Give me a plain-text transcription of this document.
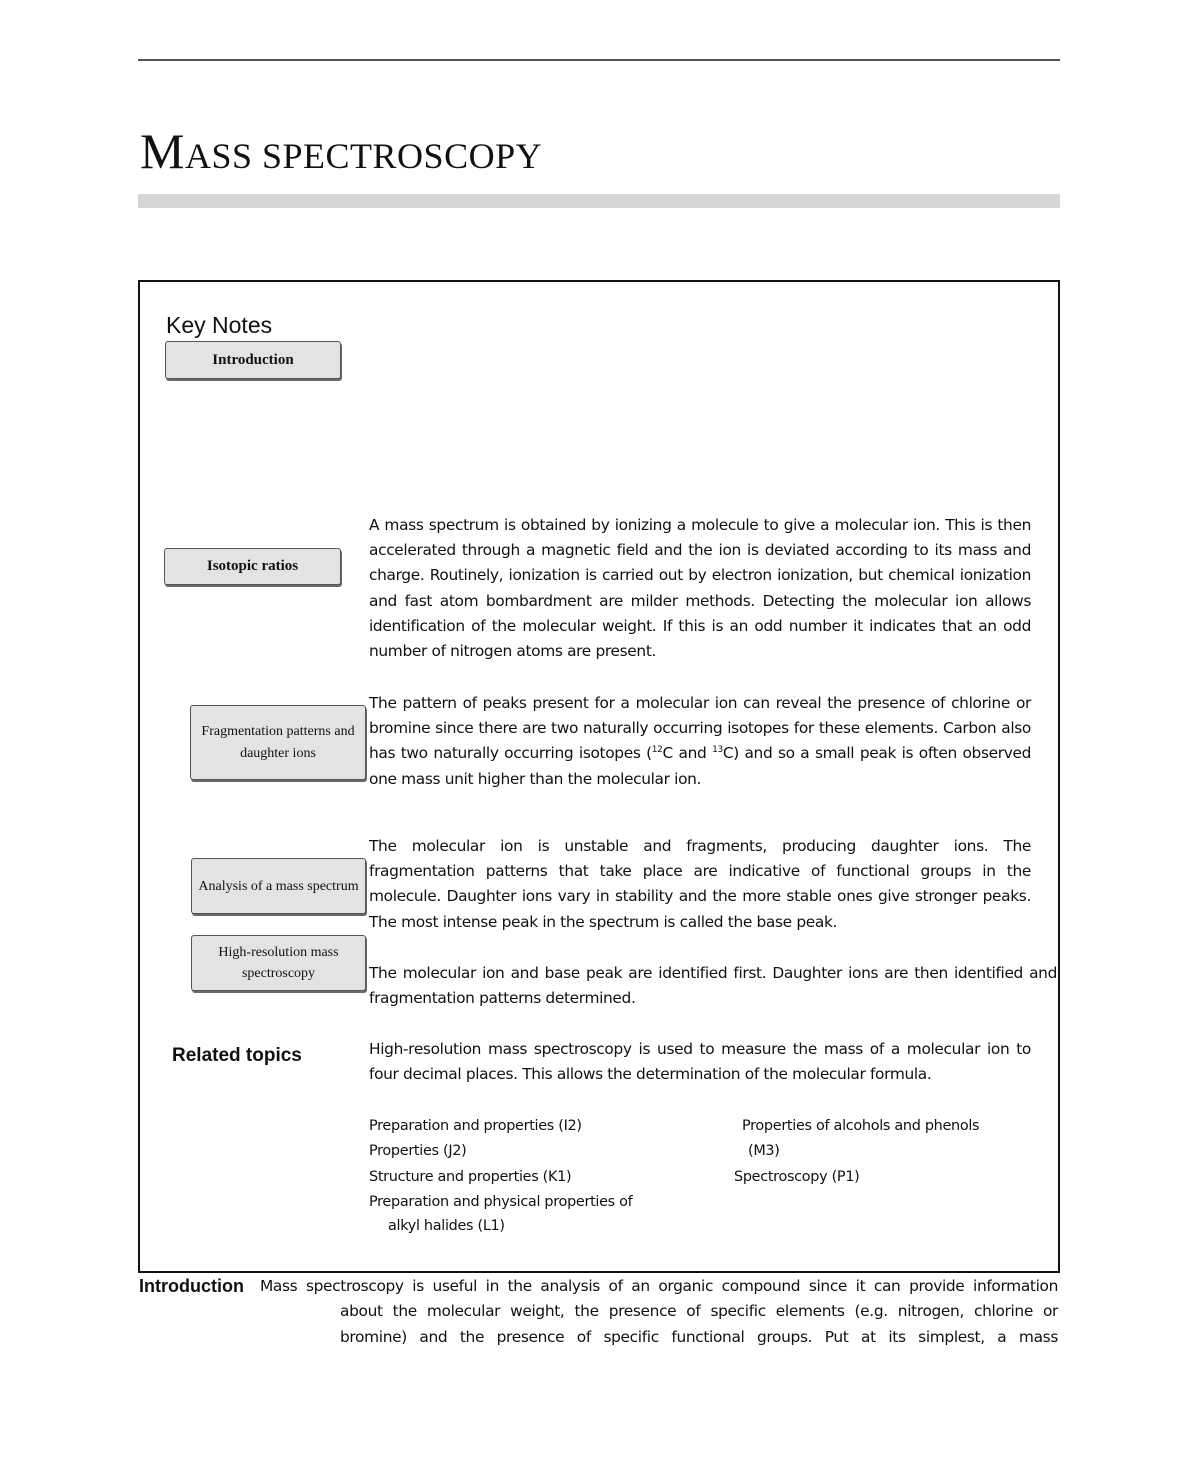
MASS SPECTROSCOPY
Key Notes
Introduction
Isotopic ratios
Fragmentation patterns and daughter ions
Analysis of a mass spectrum
High-resolution mass spectroscopy
A mass spectrum is obtained by ionizing a molecule to give a molecular ion. This is then accelerated through a magnetic field and the ion is deviated according to its mass and charge. Routinely, ionization is carried out by electron ionization, but chemical ionization and fast atom bombardment are milder methods. Detecting the molecular ion allows identification of the molecular weight. If this is an odd number it indicates that an odd number of nitrogen atoms are present.
The pattern of peaks present for a molecular ion can reveal the presence of chlorine or bromine since there are two naturally occurring isotopes for these elements. Carbon also has two naturally occurring isotopes ($^{12}$C and $^{13}$C) and so a small peak is often observed one mass unit higher than the molecular ion.
The molecular ion is unstable and fragments, producing daughter ions. The fragmentation patterns that take place are indicative of functional groups in the molecule. Daughter ions vary in stability and the more stable ones give stronger peaks. The most intense peak in the spectrum is called the base peak.
The molecular ion and base peak are identified first. Daughter ions are then identified and fragmentation patterns determined.
High-resolution mass spectroscopy is used to measure the mass of a molecular ion to four decimal places. This allows the determination of the molecular formula.
Related topics
Preparation and properties (I2)
Properties (J2)
Structure and properties (K1)
Preparation and physical properties of
alkyl halides (L1)
Properties of alcohols and phenols
(M3)
Spectroscopy (P1)
Introduction Mass spectroscopy is useful in the analysis of an organic compound since it can provide information
about the molecular weight, the presence of specific elements (e.g. nitrogen, chlorine or
bromine) and the presence of specific functional groups. Put at its simplest, a mass
